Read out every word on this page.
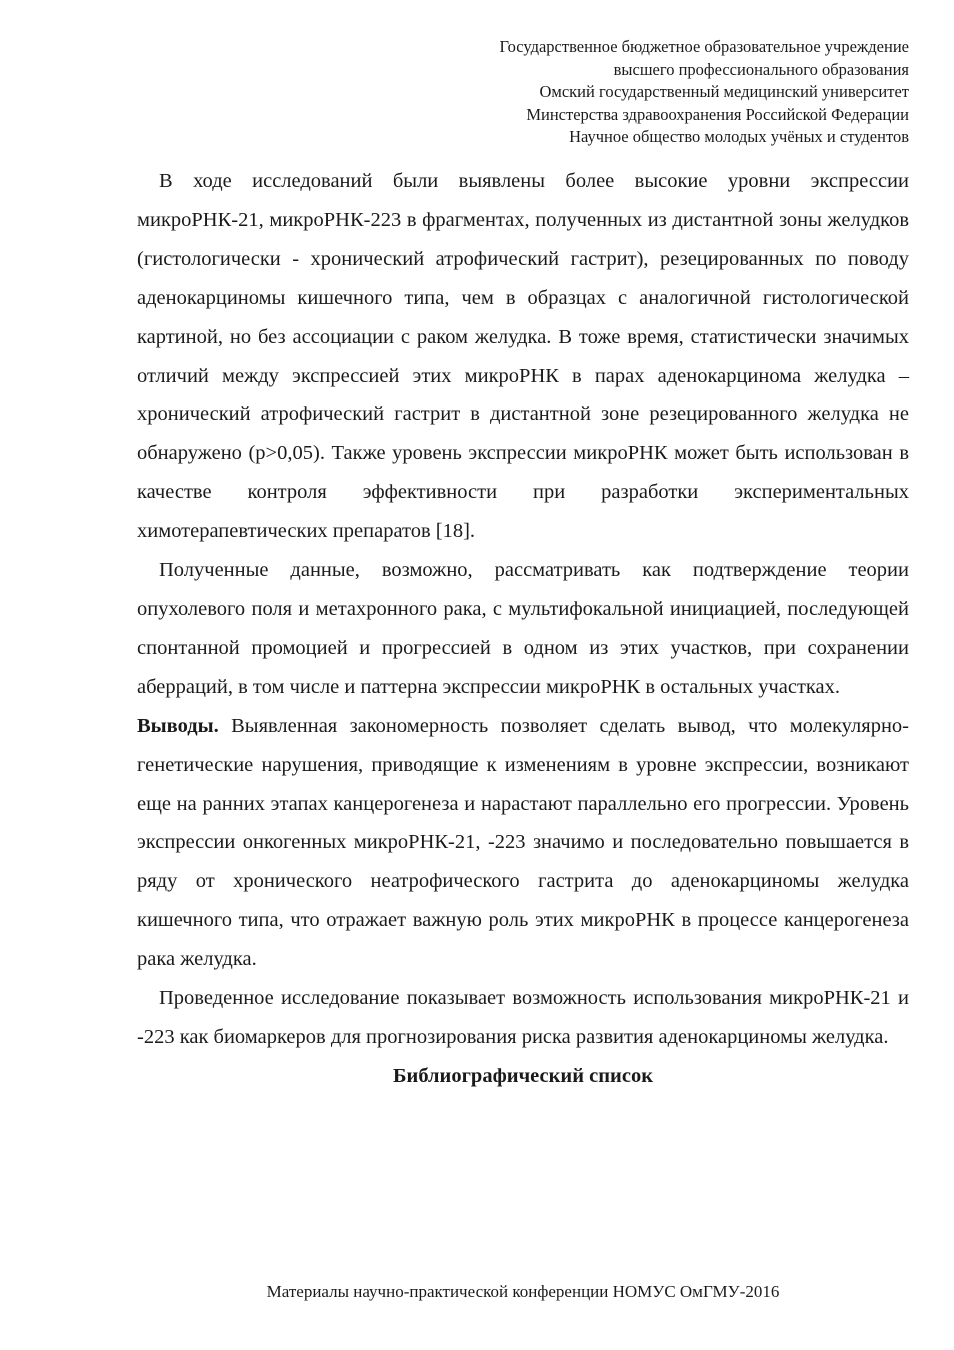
Государственное бюджетное образовательное учреждение
высшего профессионального образования
Омский государственный медицинский университет
Минстерства здравоохранения Российской Федерации
Научное общество молодых учёных и студентов

В ходе исследований были выявлены более высокие уровни экспрессии микроРНК-21, микроРНК-223 в фрагментах, полученных из дистантной зоны желудков (гистологически - хронический атрофический гастрит), резецированных по поводу аденокарциномы кишечного типа, чем в образцах с аналогичной гистологической картиной, но без ассоциации с раком желудка. В тоже время, статистически значимых отличий между экспрессией этих микроРНК в парах аденокарцинома желудка – хронический атрофический гастрит в дистантной зоне резецированного желудка не обнаружено (p>0,05). Также уровень экспрессии микроРНК может быть использован в качестве контроля эффективности при разработки экспериментальных химотерапевтических препаратов [18].

Полученные данные, возможно, рассматривать как подтверждение теории опухолевого поля и метахронного рака, с мультифокальной инициацией, последующей спонтанной промоцией и прогрессией в одном из этих участков, при сохранении аберраций, в том числе и паттерна экспрессии микроРНК в остальных участках.

Выводы. Выявленная закономерность позволяет сделать вывод, что молекулярно-генетические нарушения, приводящие к изменениям в уровне экспрессии, возникают еще на ранних этапах канцерогенеза и нарастают параллельно его прогрессии. Уровень экспрессии онкогенных микроРНК-21, -223 значимо и последовательно повышается в ряду от хронического неатрофического гастрита до аденокарциномы желудка кишечного типа, что отражает важную роль этих микроРНК в процессе канцерогенеза рака желудка.

Проведенное исследование показывает возможность использования микроРНК-21 и -223 как биомаркеров для прогнозирования риска развития аденокарциномы желудка.

Библиографический список

Материалы научно-практической конференции НОМУС ОмГМУ-2016
